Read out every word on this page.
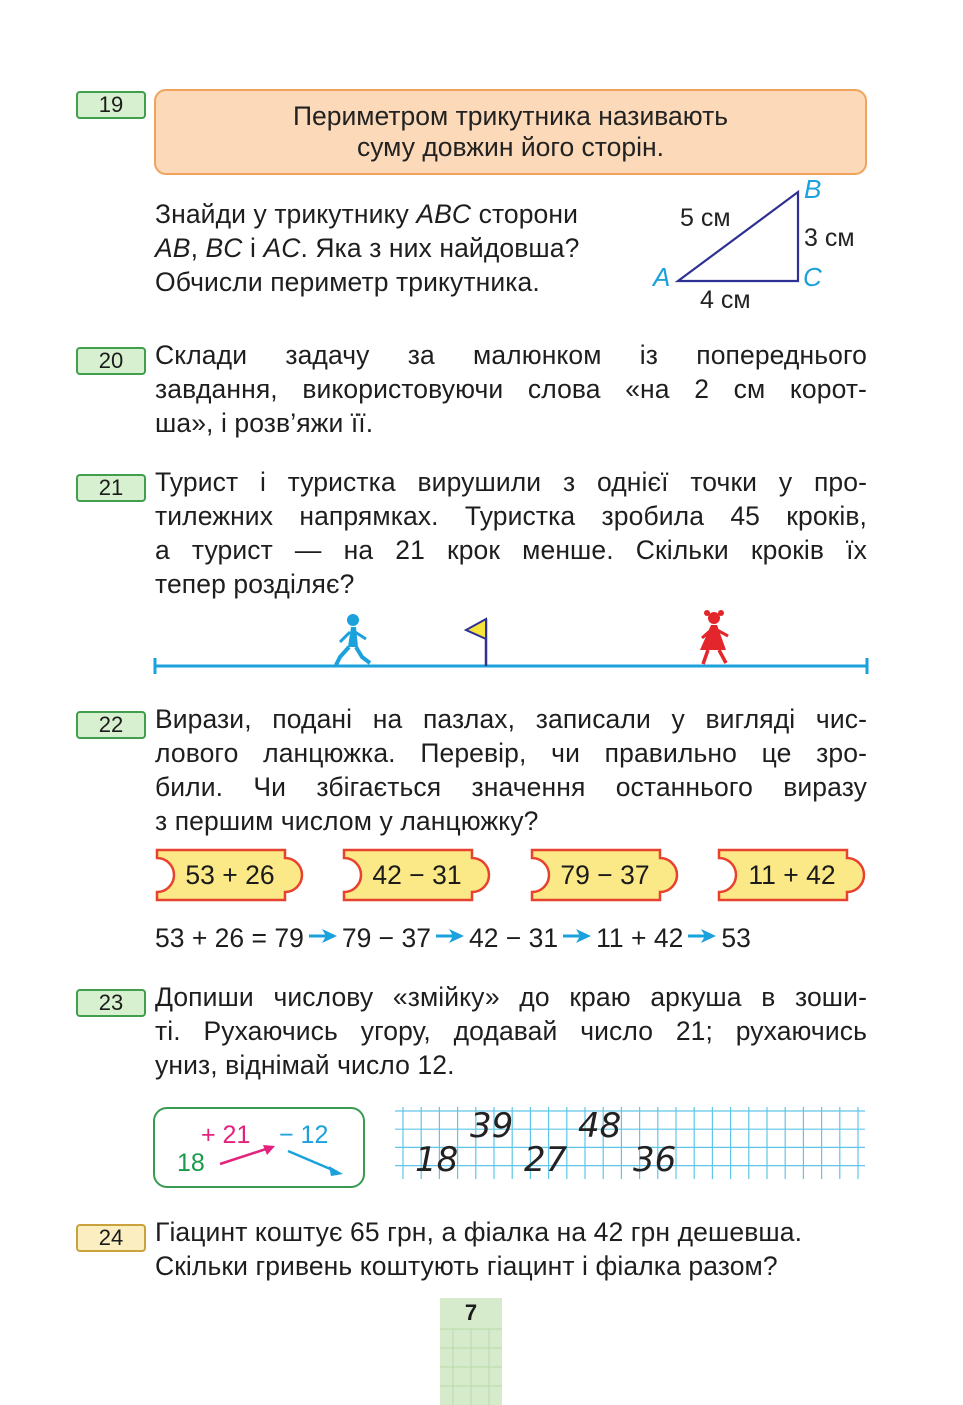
19	Периметром трикутника називають
суму довжин його сторін.
Знайди у трикутнику ABC сторони
AB, BC і AC. Яка з них найдовша?
Обчисли периметр трикутника.	A
B
C
5 см
3 см
4 см
20	Склади задачу за малюнком із попереднього
завдання, використовуючи слова «на 2 см корот-
ша», і розв’яжи її.
21	Турист і туристка вирушили з однієї точки у про-
тилежних напрямках. Туристка зробила 45 кроків,
а турист — на 21 крок менше. Скільки кроків їх
тепер розділяє?
22	Вирази, подані на пазлах, записали у вигляді чис-
лового ланцюжка. Перевір, чи правильно це зро-
били. Чи збігається значення останнього виразу
з першим числом у ланцюжку?
53 + 26	42 − 31	79 − 37	11 + 42
53 + 26 = 79 79 − 37 42 − 31 11 + 42 53
23	Допиши числову «змійку» до краю аркуша в зоши-
ті. Рухаючись угору, додавай число 21; рухаючись
униз, віднімай число 12.
+ 21 − 12
18
39 48
18 27 36
24	Гіацинт коштує 65 грн, а фіалка на 42 грн дешевша.
Скільки гривень коштують гіацинт і фіалка разом?
7
